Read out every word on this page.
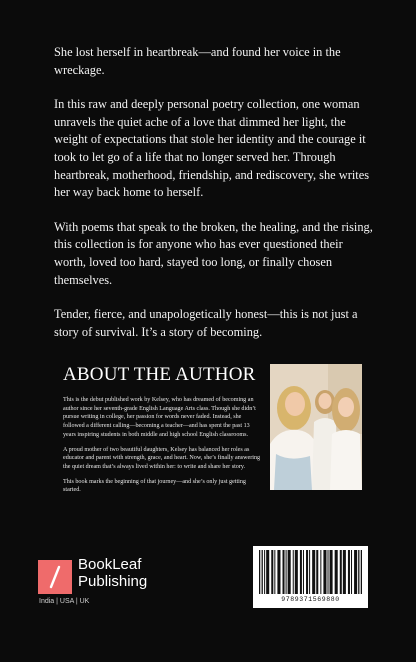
She lost herself in heartbreak—and found her voice in the wreckage.

In this raw and deeply personal poetry collection, one woman unravels the quiet ache of a love that dimmed her light, the weight of expectations that stole her identity and the courage it took to let go of a life that no longer served her. Through heartbreak, motherhood, friendship, and rediscovery, she writes her way back home to herself.

With poems that speak to the broken, the healing, and the rising, this collection is for anyone who has ever questioned their worth, loved too hard, stayed too long, or finally chosen themselves.

Tender, fierce, and unapologetically honest—this is not just a story of survival. It’s a story of becoming.

ABOUT THE AUTHOR

This is the debut published work by Kelsey, who has dreamed of becoming an author since her seventh-grade English Language Arts class. Though she didn’t pursue writing in college, her passion for words never faded. Instead, she followed a different calling—becoming a teacher—and has spent the past 13 years inspiring students in both middle and high school English classrooms.

A proud mother of two beautiful daughters, Kelsey has balanced her roles as educator and parent with strength, grace, and heart. Now, she’s finally answering the quiet dream that’s always lived within her: to write and share her story.

This book marks the beginning of that journey—and she’s only just getting started.

BookLeaf
Publishing
India | USA | UK	9789371569880
